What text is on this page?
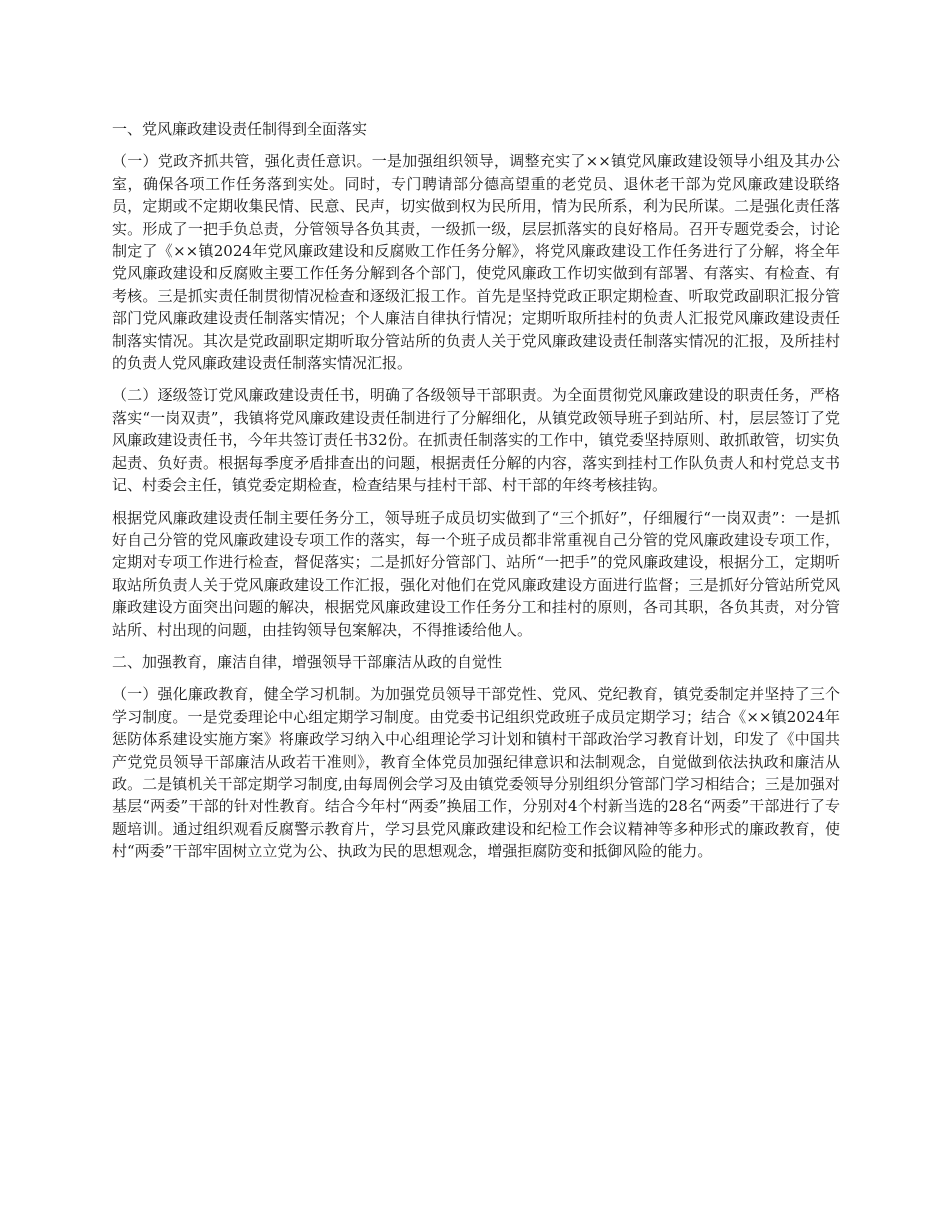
一、党风廉政建设责任制得到全面落实

（一）党政齐抓共管，强化责任意识。一是加强组织领导，调整充实了××镇党风廉政建设领导小组及其办公室，确保各项工作任务落到实处。同时，专门聘请部分德高望重的老党员、退休老干部为党风廉政建设联络员，定期或不定期收集民情、民意、民声，切实做到权为民所用，情为民所系，利为民所谋。二是强化责任落实。形成了一把手负总责，分管领导各负其责，一级抓一级，层层抓落实的良好格局。召开专题党委会，讨论制定了《××镇2024年党风廉政建设和反腐败工作任务分解》，将党风廉政建设工作任务进行了分解，将全年党风廉政建设和反腐败主要工作任务分解到各个部门，使党风廉政工作切实做到有部署、有落实、有检查、有考核。三是抓实责任制贯彻情况检查和逐级汇报工作。首先是坚持党政正职定期检查、听取党政副职汇报分管部门党风廉政建设责任制落实情况；个人廉洁自律执行情况；定期听取所挂村的负责人汇报党风廉政建设责任制落实情况。其次是党政副职定期听取分管站所的负责人关于党风廉政建设责任制落实情况的汇报，及所挂村的负责人党风廉政建设责任制落实情况汇报。

（二）逐级签订党风廉政建设责任书，明确了各级领导干部职责。为全面贯彻党风廉政建设的职责任务，严格落实“一岗双责”，我镇将党风廉政建设责任制进行了分解细化，从镇党政领导班子到站所、村，层层签订了党风廉政建设责任书，今年共签订责任书32份。在抓责任制落实的工作中，镇党委坚持原则、敢抓敢管，切实负起责、负好责。根据每季度矛盾排查出的问题，根据责任分解的内容，落实到挂村工作队负责人和村党总支书记、村委会主任，镇党委定期检查，检查结果与挂村干部、村干部的年终考核挂钩。

根据党风廉政建设责任制主要任务分工，领导班子成员切实做到了“三个抓好”，仔细履行“一岗双责”：一是抓好自己分管的党风廉政建设专项工作的落实，每一个班子成员都非常重视自己分管的党风廉政建设专项工作，定期对专项工作进行检查，督促落实；二是抓好分管部门、站所“一把手”的党风廉政建设，根据分工，定期听取站所负责人关于党风廉政建设工作汇报，强化对他们在党风廉政建设方面进行监督；三是抓好分管站所党风廉政建设方面突出问题的解决，根据党风廉政建设工作任务分工和挂村的原则，各司其职，各负其责，对分管站所、村出现的问题，由挂钩领导包案解决，不得推诿给他人。

二、加强教育，廉洁自律，增强领导干部廉洁从政的自觉性

（一）强化廉政教育，健全学习机制。为加强党员领导干部党性、党风、党纪教育，镇党委制定并坚持了三个学习制度。一是党委理论中心组定期学习制度。由党委书记组织党政班子成员定期学习；结合《××镇2024年惩防体系建设实施方案》将廉政学习纳入中心组理论学习计划和镇村干部政治学习教育计划，印发了《中国共产党党员领导干部廉洁从政若干准则》，教育全体党员加强纪律意识和法制观念，自觉做到依法执政和廉洁从政。二是镇机关干部定期学习制度,由每周例会学习及由镇党委领导分别组织分管部门学习相结合；三是加强对基层“两委”干部的针对性教育。结合今年村“两委”换届工作，分别对4个村新当选的28名“两委”干部进行了专题培训。通过组织观看反腐警示教育片，学习县党风廉政建设和纪检工作会议精神等多种形式的廉政教育，使村“两委”干部牢固树立立党为公、执政为民的思想观念，增强拒腐防变和抵御风险的能力。
